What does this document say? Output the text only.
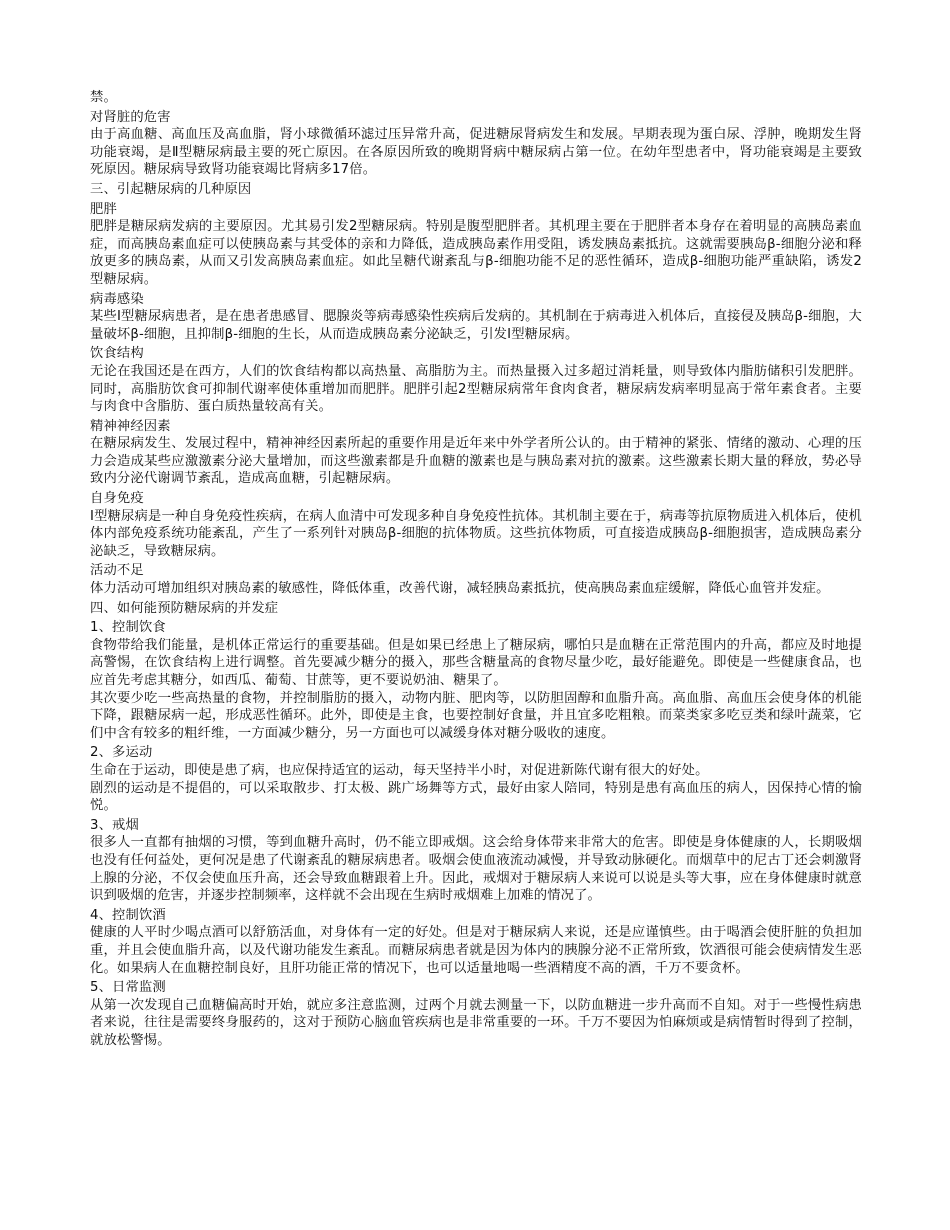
禁。

对肾脏的危害

由于高血糖、高血压及高血脂，肾小球微循环滤过压异常升高，促进糖尿肾病发生和发展。早期表现为蛋白尿、浮肿，晚期发生肾功能衰竭，是Ⅱ型糖尿病最主要的死亡原因。在各原因所致的晚期肾病中糖尿病占第一位。在幼年型患者中，肾功能衰竭是主要致死原因。糖尿病导致肾功能衰竭比肾病多17倍。

三、引起糖尿病的几种原因

肥胖

肥胖是糖尿病发病的主要原因。尤其易引发2型糖尿病。特别是腹型肥胖者。其机理主要在于肥胖者本身存在着明显的高胰岛素血症，而高胰岛素血症可以使胰岛素与其受体的亲和力降低，造成胰岛素作用受阻，诱发胰岛素抵抗。这就需要胰岛β-细胞分泌和释放更多的胰岛素，从而又引发高胰岛素血症。如此呈糖代谢紊乱与β-细胞功能不足的恶性循环，造成β-细胞功能严重缺陷，诱发2型糖尿病。

病毒感染

某些Ⅰ型糖尿病患者，是在患者患感冒、腮腺炎等病毒感染性疾病后发病的。其机制在于病毒进入机体后，直接侵及胰岛β-细胞，大量破坏β-细胞，且抑制β-细胞的生长，从而造成胰岛素分泌缺乏，引发Ⅰ型糖尿病。

饮食结构

无论在我国还是在西方，人们的饮食结构都以高热量、高脂肪为主。而热量摄入过多超过消耗量，则导致体内脂肪储积引发肥胖。同时，高脂肪饮食可抑制代谢率使体重增加而肥胖。肥胖引起2型糖尿病常年食肉食者，糖尿病发病率明显高于常年素食者。主要与肉食中含脂肪、蛋白质热量较高有关。

精神神经因素

在糖尿病发生、发展过程中，精神神经因素所起的重要作用是近年来中外学者所公认的。由于精神的紧张、情绪的激动、心理的压力会造成某些应激激素分泌大量增加，而这些激素都是升血糖的激素也是与胰岛素对抗的激素。这些激素长期大量的释放，势必导致内分泌代谢调节紊乱，造成高血糖，引起糖尿病。

自身免疫

Ⅰ型糖尿病是一种自身免疫性疾病，在病人血清中可发现多种自身免疫性抗体。其机制主要在于，病毒等抗原物质进入机体后，使机体内部免疫系统功能紊乱，产生了一系列针对胰岛β-细胞的抗体物质。这些抗体物质，可直接造成胰岛β-细胞损害，造成胰岛素分泌缺乏，导致糖尿病。

活动不足

体力活动可增加组织对胰岛素的敏感性，降低体重，改善代谢，减轻胰岛素抵抗，使高胰岛素血症缓解，降低心血管并发症。

四、如何能预防糖尿病的并发症

1、控制饮食

食物带给我们能量，是机体正常运行的重要基础。但是如果已经患上了糖尿病，哪怕只是血糖在正常范围内的升高，都应及时地提高警惕，在饮食结构上进行调整。首先要减少糖分的摄入，那些含糖量高的食物尽量少吃，最好能避免。即使是一些健康食品，也应首先考虑其糖分，如西瓜、葡萄、甘蔗等，更不要说奶油、糖果了。

其次要少吃一些高热量的食物，并控制脂肪的摄入，动物内脏、肥肉等，以防胆固醇和血脂升高。高血脂、高血压会使身体的机能下降，跟糖尿病一起，形成恶性循环。此外，即使是主食，也要控制好食量，并且宜多吃粗粮。而菜类家多吃豆类和绿叶蔬菜，它们中含有较多的粗纤维，一方面减少糖分，另一方面也可以减缓身体对糖分吸收的速度。

2、多运动

生命在于运动，即使是患了病，也应保持适宜的运动，每天坚持半小时，对促进新陈代谢有很大的好处。

剧烈的运动是不提倡的，可以采取散步、打太极、跳广场舞等方式，最好由家人陪同，特别是患有高血压的病人，因保持心情的愉悦。

3、戒烟

很多人一直都有抽烟的习惯，等到血糖升高时，仍不能立即戒烟。这会给身体带来非常大的危害。即使是身体健康的人，长期吸烟也没有任何益处，更何况是患了代谢紊乱的糖尿病患者。吸烟会使血液流动减慢，并导致动脉硬化。而烟草中的尼古丁还会刺激肾上腺的分泌，不仅会使血压升高，还会导致血糖跟着上升。因此，戒烟对于糖尿病人来说可以说是头等大事，应在身体健康时就意识到吸烟的危害，并逐步控制频率，这样就不会出现在生病时戒烟难上加难的情况了。

4、控制饮酒

健康的人平时少喝点酒可以舒筋活血，对身体有一定的好处。但是对于糖尿病人来说，还是应谨慎些。由于喝酒会使肝脏的负担加重，并且会使血脂升高，以及代谢功能发生紊乱。而糖尿病患者就是因为体内的胰腺分泌不正常所致，饮酒很可能会使病情发生恶化。如果病人在血糖控制良好，且肝功能正常的情况下，也可以适量地喝一些酒精度不高的酒，千万不要贪杯。

5、日常监测

从第一次发现自己血糖偏高时开始，就应多注意监测，过两个月就去测量一下，以防血糖进一步升高而不自知。对于一些慢性病患者来说，往往是需要终身服药的，这对于预防心脑血管疾病也是非常重要的一环。千万不要因为怕麻烦或是病情暂时得到了控制，就放松警惕。
